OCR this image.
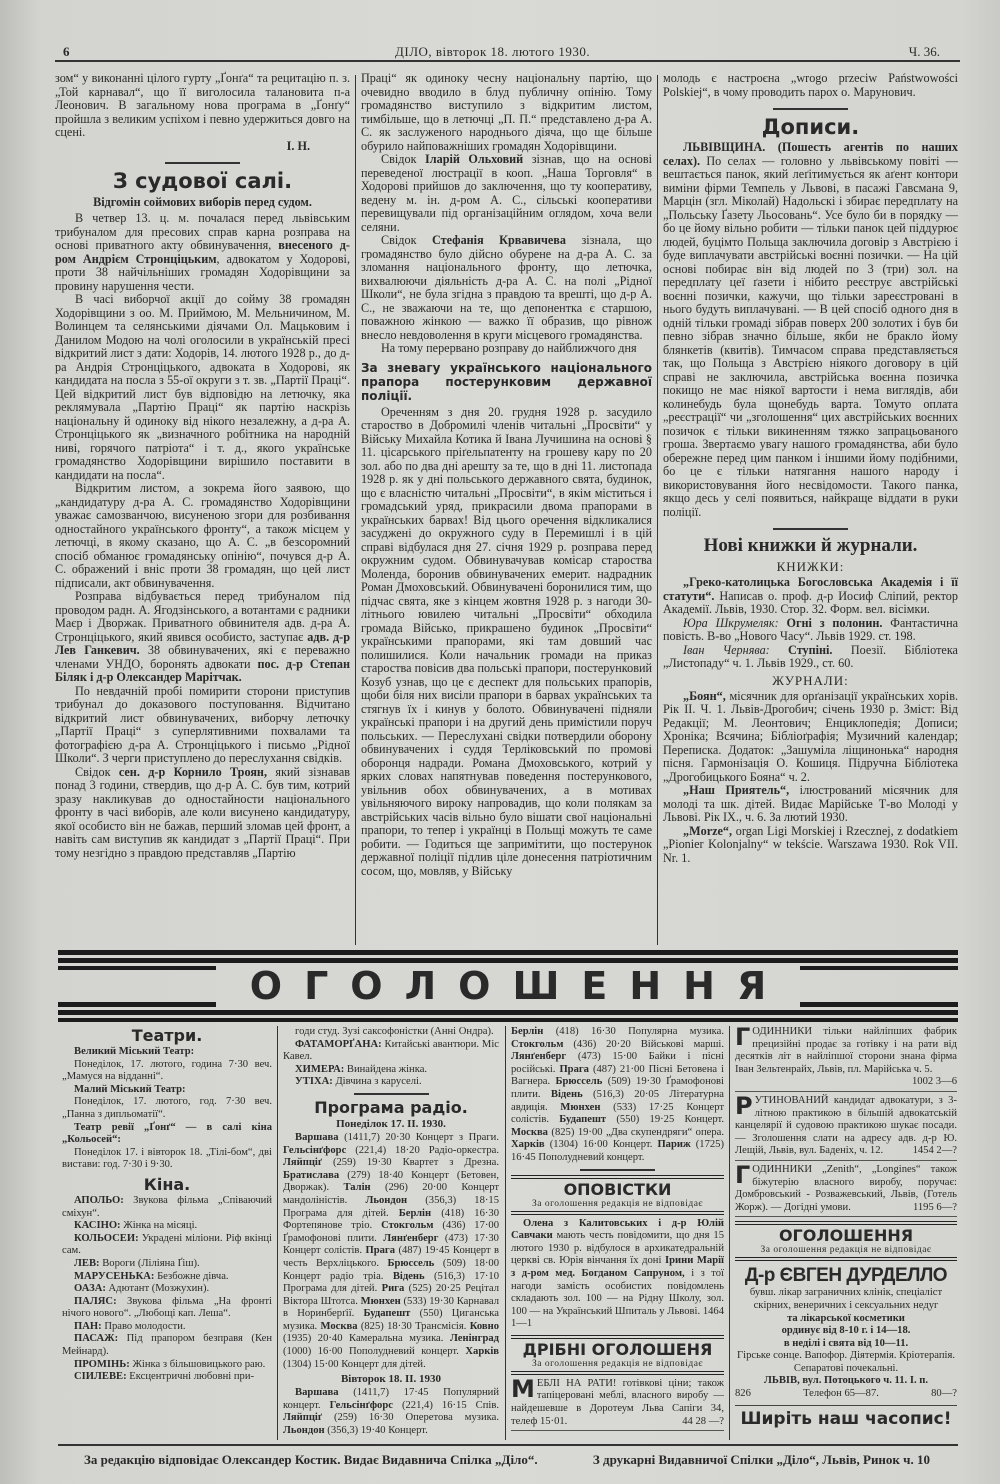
6	ДІЛО, вівторок 18. лютого 1930.	Ч. 36.

зом“ у виконанні цілого гурту „Ґонґа“ та рецитацію п. з. „Той карнавал“, що її виголосила талановита п-а Леонович. В загальному нова програма в „Ґонґу“ пройшла з великим успіхом і певно удержиться довго на сцені.

І. Н.
З судової салі.
Відгомін соймових виборів перед судом.

В четвер 13. ц. м. почалася перед львівським трибуналом для пресових справ карна розправа на основі приватного акту обвинувачення, внесеного д-ром Андрієм Стронціцьким, адвокатом у Ходорові, проти 38 найчільніших громадян Ходорівщини за провину нарушення чести.

В часі виборчої акції до сойму 38 громадян Ходорівщини з оо. М. Приймою, М. Мельничином, М. Волинцем та селянськими діячами Ол. Мацьковим і Данилом Модою на чолі оголосили в українській пресі відкритий лист з дати: Ходорів, 14. лютого 1928 р., до д-ра Андрія Стронціцького, адвоката в Ходорові, як кандидата на посла з 55-ої округи з т. зв. „Партії Праці“. Цей відкритий лист був відповідю на летючку, яка реклямувала „Партію Праці“ як партію наскрізь національну й одиноку від нікого незалежну, а д-ра А. Стронціцького як „визначного робітника на народній ниві, горячого патріота“ і т. д., якого українське громадянство Ходорівщини вирішило поставити в кандидати на посла“.

Відкритим листом, а зокрема його заявою, що „кандидатуру д-ра А. С. громадянство Ходорівщини уважає самозванчою, висуненою згори для розбивання одностайного українського фронту“, а також місцем у летючці, в якому сказано, що А. С. „в безсоромний спосіб обманює громадянську опінію“, почувся д-р А. С. ображений і вніс проти 38 громадян, що цей лист підписали, акт обвинувачення.

Розправа відбувається перед трибуналом під проводом радн. А. Ягодзінського, а вотантами є радники Маєр і Дворжак. Приватного обвинителя адв. д-ра А. Стронціцького, який явився особисто, заступає адв. д-р Лев Ганкевич. 38 обвинувачених, які є переважно членами УНДО, боронять адвокати пос. д-р Степан Біляк і д-р Олександер Марітчак.

По невдачній пробі помирити сторони приступив трибунал до доказового поступовання. Відчитано відкритий лист обвинувачених, виборчу летючку „Партії Праці“ з суперлятивними похвалами та фотографією д-ра А. Стронціцького і письмо „Рідної Школи“. З черги приступлено до переслухання свідків.

Свідок сен. д-р Корнило Троян, який зізнавав понад 3 години, ствердив, що д-р А. С. був тим, котрий зразу накликував до одностайности національного фронту в часі виборів, але коли висунено кандидатуру, якої особисто він не бажав, перший зломав цей фронт, а навіть сам виступив як кандидат з „Партії Праці“. При тому незгідно з правдою представляв „Партію

Праці“ як одиноку чесну національну партію, що очевидно вводило в блуд публичну опінію. Тому громадянство виступило з відкритим листом, тимбільше, що в летючці „П. П.“ представлено д-ра А. С. як заслуженого народнього діяча, що ще більше обурило найповажніших громадян Ходорівщини.

Свідок Іларій Ольховий зізнав, що на основі переведеної люстрації в кооп. „Наша Торговля“ в Ходорові прийшов до заключення, що ту кооперативу, ведену м. ін. д-ром А. С., сільські кооперативи перевищували під організаційним оглядом, хоча вели селяни.

Свідок Стефанія Крвавичева зізнала, що громадянство було дійсно обурене на д-ра А. С. за зломання національного фронту, що летючка, вихвалюючи діяльність д-ра А. С. на полі „Рідної Школи“, не була згідна з правдою та врешті, що д-р А. С., не зважаючи на те, що депонентка є старшою, поважною жінкою — важко її образив, що рівнож внесло невдоволення в круги місцевого громадянства.

На тому перервано розправу до найближчого дня

За зневагу українського національного прапора постерунковим державної поліції.

Ореченням з дня 20. грудня 1928 р. засудило староство в Добромилі членів читальні „Просвіти“ у Війську Михайла Котика й Івана Лучишина на основі § 11. цісарського пріґельпатенту на грошеву кару по 20 зол. або по два дні арешту за те, що в дні 11. листопада 1928 р. як у дні польського державного свята, будинок, що є власністю читальні „Просвіти“, в якім міститься і громадський уряд, прикрасили двома прапорами в українських барвах! Від цього оречення відкликалися засуджені до окружного суду в Перемишлі і в цій справі відбулася дня 27. січня 1929 р. розправа перед окружним судом. Обвинувачував комісар староства Моленда, боронив обвинувачених емерит. надрадник Роман Дмоховський. Обвинувачені боронилися тим, що підчас свята, яке з кінцем жовтня 1928 р. з нагоди 30-літнього ювилею читальні „Просвіти“ обходила громада Військо, прикрашено будинок „Просвіти“ українськими прапорами, які там довший час полишилися. Коли начальник громади на приказ староства повісив два польські прапори, постерунковий Козуб узнав, що це є деспект для польських прапорів, щоби біля них висіли прапори в барвах українських та стягнув їх і кинув у болото. Обвинувачені підняли українські прапори і на другий день примістили поруч польських. — Переслухані свідки потвердили оборону обвинувачених і суддя Терліковський по промові оборонця надради. Романа Дмоховського, котрий у ярких словах напятнував поведення постерункового, увільнив обох обвинувачених, а в мотивах увільняючого вироку напровадив, що коли полякам за австрійських часів вільно було вішати свої національні прапори, то тепер і українці в Польщі можуть те саме робити. — Годиться ще запримітити, що постерунок державної поліції підлив ціле донесення патріотичним сосом, що, мовляв, у Війську

молодь є настроєна „wrogo przeciw Państwowości Polskiej“, в чому проводить парох о. Марунович.

Дописи.

ЛЬВІВЩИНА. (Пошесть агентів по наших селах). По селах — головно у львівському повіті — вештається панок, який леґітимується як аґент контори виміни фірми Темпель у Львові, в пасажі Гавсмана 9, Марцін (згл. Міколай) Надольскі і збирає передплату на „Польську Ґазету Льосовань“. Усе було би в порядку — бо це йому вільно робити — тільки панок цей піддурює людей, буцімто Польща заключила договір з Австрією і буде виплачувати австрійські воєнні позички. — На цій основі побирає він від людей по 3 (три) зол. на передплату цеї ґазети і нібито реєструє австрійські воєнні позички, кажучи, що тільки зареєстровані в нього будуть виплачувані. — В цей спосіб одного дня в одній тільки громаді зібрав поверх 200 золотих і був би певно зібрав значно більше, якби не бракло йому блянкетів (квитів). Тимчасом справа представляється так, що Польща з Австрією ніякого договору в цій справі не заключила, австрійська воєнна позичка покищо не має ніякої вартости і нема виглядів, аби колинебудь була щонебудь варта. Томуто оплата „реєстрації“ чи „зголошення“ цих австрійських воєнних позичок є тільки викиненням тяжко запрацьованого гроша. Звертаємо увагу нашого громадянства, аби було обережне перед цим панком і іншими йому подібними, бо це є тільки натягання нашого народу і використовування його несвідомости. Такого панка, якщо десь у селі появиться, найкраще віддати в руки поліції.

Нові книжки й журнали.
КНИЖКИ:

„Греко-католицька Богословська Академія і її статути“. Написав о. проф. д-р Иосиф Сліпий, ректор Академії. Львів, 1930. Стор. 32. Форм. вел. вісімки.

Юра Шкрумеляк: Огні з полонин. Фантастична повість. В-во „Нового Часу“. Львів 1929. ст. 198.

Іван Чернява: Ступіні. Поезії. Бібліотека „Листопаду“ ч. 1. Львів 1929., ст. 60.

ЖУРНАЛИ:

„Боян“, місячник для орґанізації українських хорів. Рік II. Ч. 1. Львів-Дрогобич; січень 1930 р. Зміст: Від Редакції; М. Леонтович; Енциклопедія; Дописи; Хроніка; Всячина; Бібліоґрафія; Музичний календар; Переписка. Додаток: „Зашуміла ліщинонька“ народня пісня. Гармонізація О. Кошиця. Підручна Бібліотека „Дрогобицького Бояна“ ч. 2.

„Наш Приятель“, ілюстрований місячник для молоді та шк. дітей. Видає Марійське Т-во Молоді у Львові. Рік IX., ч. 6. За лютий 1930.

„Morze“, organ Ligi Morskiej i Rzecznej, z dodatkiem „Pionier Kolonjalny“ w tekście. Warszawa 1930. Rok VII. Nr. 1.

ОГОЛОШЕННЯ
Театри.

Великий Міський Театр:

Понеділок, 17. лютого, година 7·30 веч. „Мамуся на відданні“.

Малий Міський Театр:

Понеділок, 17. лютого, год. 7·30 веч. „Панна з дипльоматії“.

Театр ревії „Ґонґ“ — в салі кіна „Кольосей“:

Понеділок 17. і вівторок 18. „Тілі-бом“, дві вистави: год. 7·30 і 9·30.

Кіна.

АПОЛЬО: Звукова фільма „Співаючий сміхун“.

КАСІНО: Жінка на місяці.

КОЛЬОСЕИ: Украдені міліони. Ріф вкінці сам.

ЛЕВ: Вороги (Ліліяна Ґіш).

МАРУСЕНЬКА: Безбожне дівча.

ОАЗА: Адютант (Мозжухин).

ПАЛЯС: Звукова фільма „На фронті нічого нового“. „Любощі кап. Леша“.

ПАН: Право молодости.

ПАСАЖ: Під прапором безправя (Кен Мейнард).

ПРОМІНЬ: Жінка з більшовицького раю.

СІИЛЕВЕ: Ексцентричні любовні при-

годи студ. Зузі саксофоністки (Анні Ондра).

ФАТАМОРҐАНА: Китайські авантюри. Міс Кавел.

ХИМЕРА: Винайдена жінка.

УТІХА: Дівчина з каруселі.

Програма радіо.
Понеділок 17. II. 1930.

Варшава (1411,7) 20·30 Концерт з Праги. Гельсінґфорс (221,4) 18·20 Радіо-оркестра. Ляйпціґ (259) 19·30 Квартет з Дрезна. Братислава (279) 18·40 Концерт (Бетовен, Дворжак). Талін (296) 20·00 Концерт мандоліністів. Льондон (356,3) 18·15 Програма для дітей. Берлін (418) 16·30 Фортепянове тріо. Стокгольм (436) 17·00 Ґрамофонові плити. Лянґенберг (473) 17·30 Концерт солістів. Прага (487) 19·45 Концерт в честь Верхліцького. Брюссель (509) 18·00 Концерт радіо тріа. Відень (516,3) 17·10 Програма для дітей. Рига (525) 20·25 Рецітал Віктора Штотса. Мюнхен (533) 19·30 Карнавал в Норинберґії. Будапешт (550) Циганська музика. Москва (825) 18·30 Трансмісія. Ковно (1935) 20·40 Камеральна музика. Ленінград (1000) 16·00 Пополудневий концерт. Харків (1304) 15·00 Концерт для дітей.

Вівторок 18. II. 1930

Варшава (1411,7) 17·45 Популярний концерт. Гельсінґфорс (221,4) 16·15 Спів. Ляйпціґ (259) 16·30 Оперетова музика. Льондон (356,3) 19·40 Концерт.

Берлін (418) 16·30 Популярна музика. Стокгольм (436) 20·20 Військові марші. Лянґенберг (473) 15·00 Байки і пісні російські. Прага (487) 21·00 Пісні Бетовена і Вагнера. Брюссель (509) 19·30 Ґрамофонові плити. Відень (516,3) 20·05 Літературна авдиція. Мюнхен (533) 17·25 Концерт солістів. Будапешт (550) 19·25 Концерт. Москва (825) 19·00 „Два скупендряги“ опера. Харків (1304) 16·00 Концерт. Париж (1725) 16·45 Пополудневий концерт.

ОПОВІСТКИ
За оголошення редакція не відповідає

Олена з Калитовських і д-р Юлій Савчаки мають честь повідомити, що дня 15 лютого 1930 р. відбулося в архикатедральній церкві св. Юрія вінчання їх доні Ірини Марії з д-ром мед. Богданом Сапруном, і з тої нагоди замість особистих повідомлень складають зол. 100 — на Рідну Школу, зол. 100 — на Український Шпиталь у Львові. 1464 1—1

ДРІБНІ ОГОЛОШЕНЯ
За оголошення редакція не відповідає
М ЕБЛІ НА РАТИ! готівкові ціни; також тапіцеровані меблі, власного виробу — найдешевше в Доротеум Льва Сапіги 34, телеф 15·01.	44 28 —?
Г ОДИННИКИ тільки найліпших фабрик прецизійні продає за готівку і на рати від десятків літ в найліпшої сторони знана фірма Іван Зельтенрайх, Львів, пл. Марійська ч. 5.
1002 3—6
Р УТИНОВАНИЙ кандидат адвокатури, з 3-літною практикою в більшій адвокатській канцелярії й судовою практикою шукає посади. — Зголошення слати на адресу адв. д-р Ю. Лещій, Львів, вул. Баденіх, ч. 12.	1454 2—?
Г ОДИННИКИ „Zenith“, „Longines“ також біжутерію власного виробу, поручає: Домбровський - Розважевський, Львів, (Готель Жорж). — Догідні умови.	1195 6—?
ОГОЛОШЕННЯ
За оголошення редакція не відповідає
Д-р ЄВГЕН ДУРДЕЛЛО
бувш. лікар заграничних клінік, спеціаліст скірних, венеричних і сексуальних недуг
та лікарської косметики
ординує від 8-10 г. і 14—18.
в неділі і свята від 10—11.
Гірське сонце. Вапофор. Діятермія. Кріотерапія. Сепаратові почекальні.
ЛЬВІВ, вул. Потоцького ч. 11. І. п.
826	Телефон 65—87.	80—?
Ширіть наш часопис!
За редакцію відповідає Олександер Костик. Видає Видавнича Спілка „Діло“.	З друкарні Видавничої Спілки „Діло“, Львів, Ринок ч. 10
